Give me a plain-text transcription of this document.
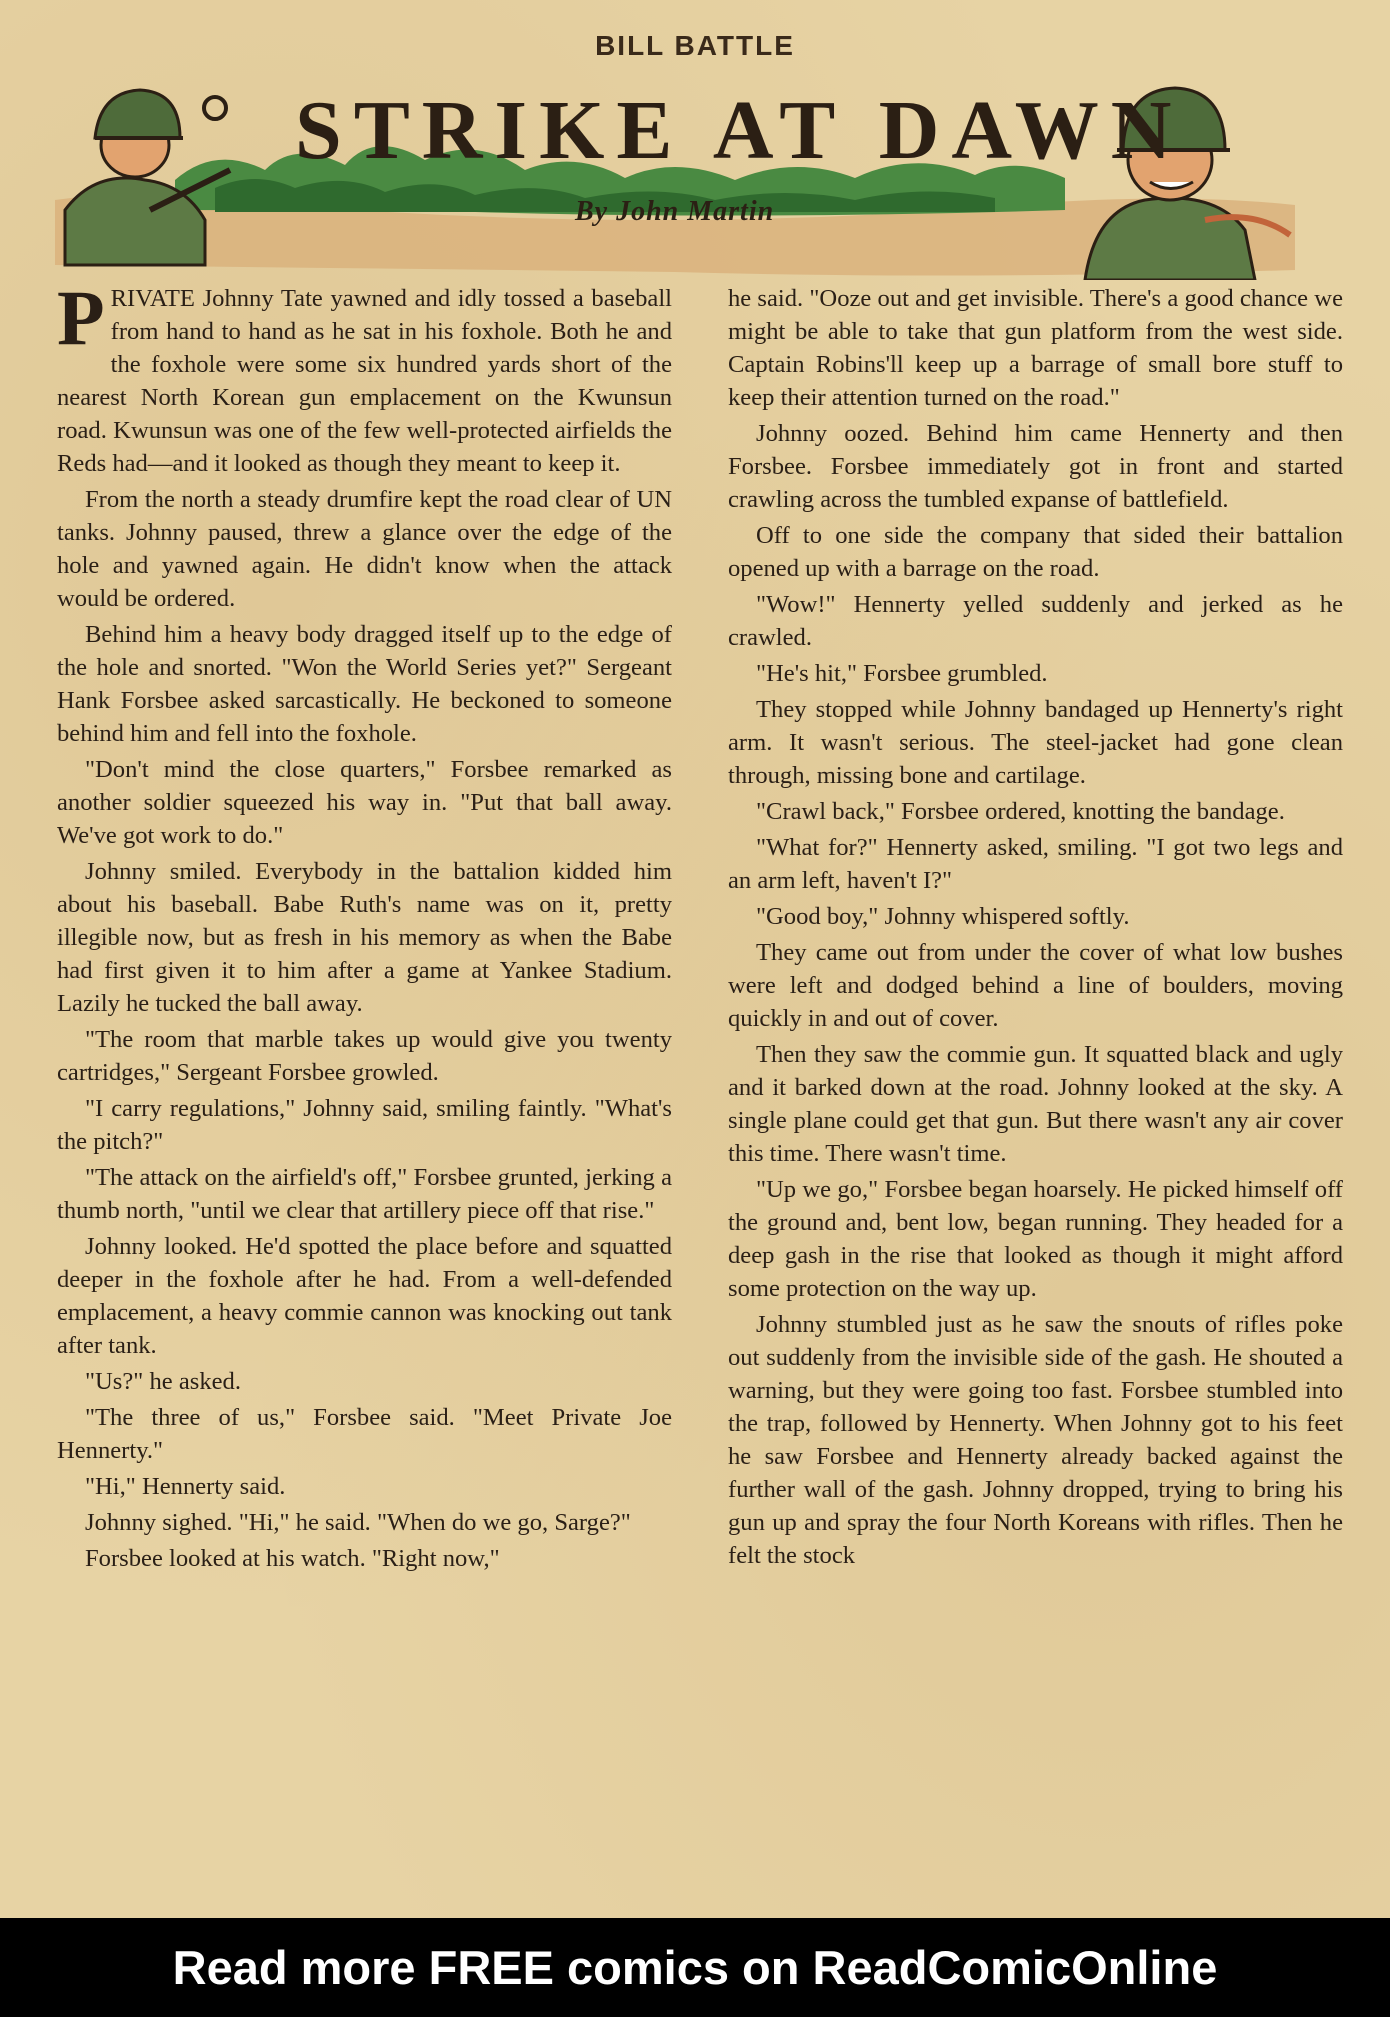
BILL BATTLE
STRIKE AT DAWN
By John Martin

PRIVATE Johnny Tate yawned and idly tossed a baseball from hand to hand as he sat in his foxhole. Both he and the foxhole were some six hundred yards short of the nearest North Korean gun emplacement on the Kwunsun road. Kwunsun was one of the few well-protected airfields the Reds had—and it looked as though they meant to keep it.

From the north a steady drumfire kept the road clear of UN tanks. Johnny paused, threw a glance over the edge of the hole and yawned again. He didn't know when the attack would be ordered.

Behind him a heavy body dragged itself up to the edge of the hole and snorted. "Won the World Series yet?" Sergeant Hank Forsbee asked sarcastically. He beckoned to someone behind him and fell into the foxhole.

"Don't mind the close quarters," Forsbee remarked as another soldier squeezed his way in. "Put that ball away. We've got work to do."

Johnny smiled. Everybody in the battalion kidded him about his baseball. Babe Ruth's name was on it, pretty illegible now, but as fresh in his memory as when the Babe had first given it to him after a game at Yankee Stadium. Lazily he tucked the ball away.

"The room that marble takes up would give you twenty cartridges," Sergeant Forsbee growled.

"I carry regulations," Johnny said, smiling faintly. "What's the pitch?"

"The attack on the airfield's off," Forsbee grunted, jerking a thumb north, "until we clear that artillery piece off that rise."

Johnny looked. He'd spotted the place before and squatted deeper in the foxhole after he had. From a well-defended emplacement, a heavy commie cannon was knocking out tank after tank.

"Us?" he asked.

"The three of us," Forsbee said. "Meet Private Joe Hennerty."

"Hi," Hennerty said.

Johnny sighed. "Hi," he said. "When do we go, Sarge?"

Forsbee looked at his watch. "Right now,"

he said. "Ooze out and get invisible. There's a good chance we might be able to take that gun platform from the west side. Captain Robins'll keep up a barrage of small bore stuff to keep their attention turned on the road."

Johnny oozed. Behind him came Hennerty and then Forsbee. Forsbee immediately got in front and started crawling across the tumbled expanse of battlefield.

Off to one side the company that sided their battalion opened up with a barrage on the road.

"Wow!" Hennerty yelled suddenly and jerked as he crawled.

"He's hit," Forsbee grumbled.

They stopped while Johnny bandaged up Hennerty's right arm. It wasn't serious. The steel-jacket had gone clean through, missing bone and cartilage.

"Crawl back," Forsbee ordered, knotting the bandage.

"What for?" Hennerty asked, smiling. "I got two legs and an arm left, haven't I?"

"Good boy," Johnny whispered softly.

They came out from under the cover of what low bushes were left and dodged behind a line of boulders, moving quickly in and out of cover.

Then they saw the commie gun. It squatted black and ugly and it barked down at the road. Johnny looked at the sky. A single plane could get that gun. But there wasn't any air cover this time. There wasn't time.

"Up we go," Forsbee began hoarsely. He picked himself off the ground and, bent low, began running. They headed for a deep gash in the rise that looked as though it might afford some protection on the way up.

Johnny stumbled just as he saw the snouts of rifles poke out suddenly from the invisible side of the gash. He shouted a warning, but they were going too fast. Forsbee stumbled into the trap, followed by Hennerty. When Johnny got to his feet he saw Forsbee and Hennerty already backed against the further wall of the gash. Johnny dropped, trying to bring his gun up and spray the four North Koreans with rifles. Then he felt the stock

Read more FREE comics on ReadComicOnline
